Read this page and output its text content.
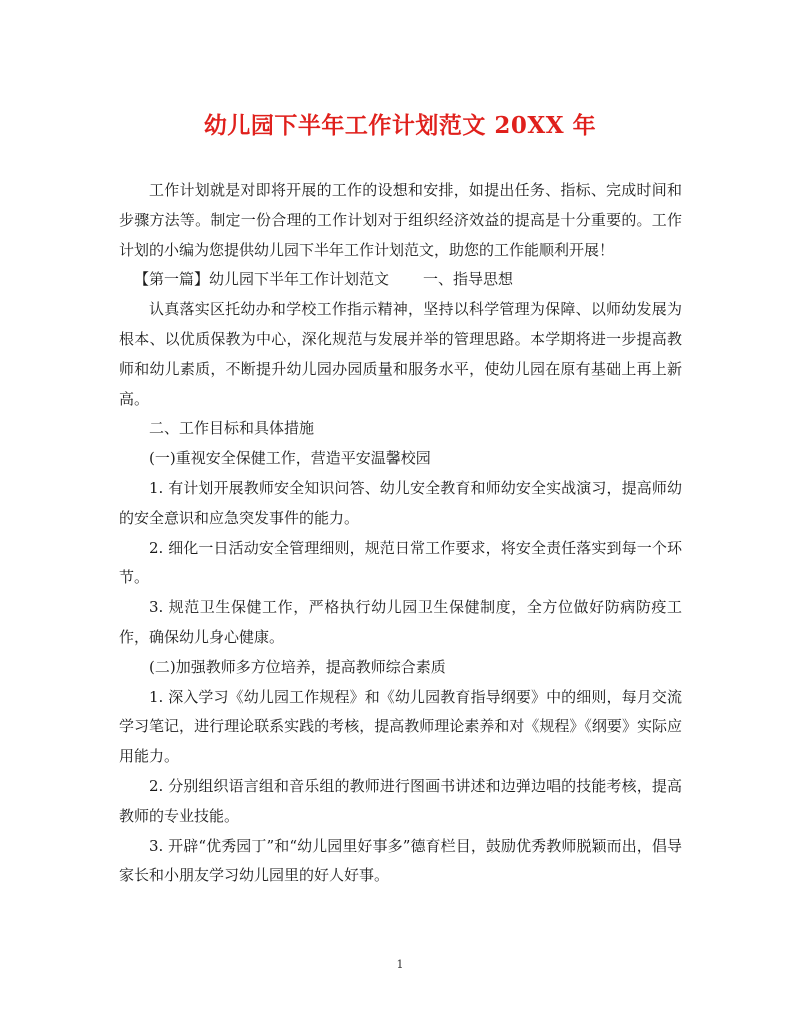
幼儿园下半年工作计划范文 20XX 年

工作计划就是对即将开展的工作的设想和安排，如提出任务、指标、完成时间和步骤方法等。制定一份合理的工作计划对于组织经济效益的提高是十分重要的。工作计划的小编为您提供幼儿园下半年工作计划范文，助您的工作能顺利开展！

【第一篇】幼儿园下半年工作计划范文 一、指导思想

认真落实区托幼办和学校工作指示精神，坚持以科学管理为保障、以师幼发展为根本、以优质保教为中心，深化规范与发展并举的管理思路。本学期将进一步提高教师和幼儿素质，不断提升幼儿园办园质量和服务水平，使幼儿园在原有基础上再上新高。

二、工作目标和具体措施

(一)重视安全保健工作，营造平安温馨校园

1. 有计划开展教师安全知识问答、幼儿安全教育和师幼安全实战演习，提高师幼的安全意识和应急突发事件的能力。

2. 细化一日活动安全管理细则，规范日常工作要求，将安全责任落实到每一个环节。

3. 规范卫生保健工作，严格执行幼儿园卫生保健制度，全方位做好防病防疫工作，确保幼儿身心健康。

(二)加强教师多方位培养，提高教师综合素质

1. 深入学习《幼儿园工作规程》和《幼儿园教育指导纲要》中的细则，每月交流学习笔记，进行理论联系实践的考核，提高教师理论素养和对《规程》《纲要》实际应用能力。

2. 分别组织语言组和音乐组的教师进行图画书讲述和边弹边唱的技能考核，提高教师的专业技能。

3. 开辟“优秀园丁”和“幼儿园里好事多”德育栏目，鼓励优秀教师脱颖而出，倡导家长和小朋友学习幼儿园里的好人好事。

1
